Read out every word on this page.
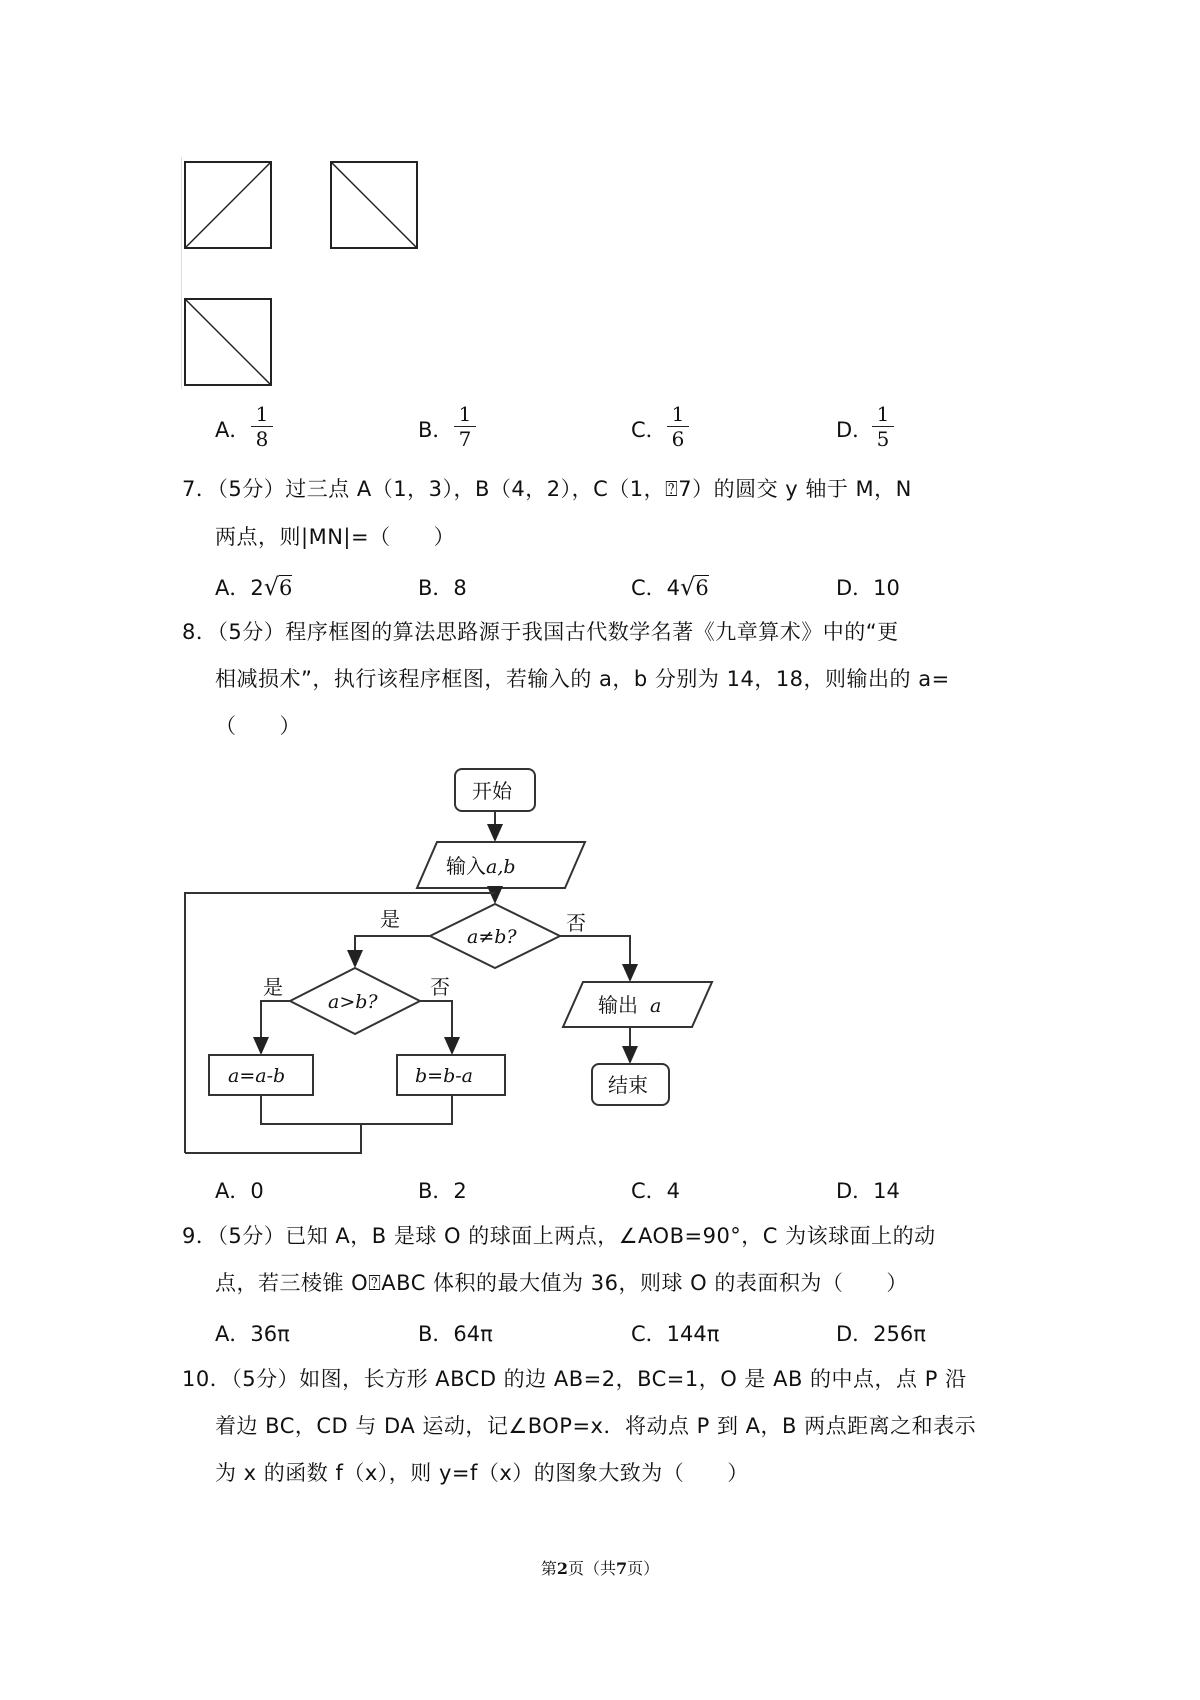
A． $\frac{1}{8}$	B． $\frac{1}{7}$	C． $\frac{1}{6}$	D．
$\frac{1}{5}$
7．（5分）过三点 A（1，3），B（4，2），C（1，⍰7）的圆交 y 轴于 M，N
两点，则|MN|=（　　）
A．2√6	B．8	C．4√6	D．10
8．（5分）程序框图的算法思路源于我国古代数学名著《九章算术》中的“更
相减损术”，执行该程序框图，若输入的 a，b 分别为 14，18，则输出的 a=
（　　）
开始
输入a,b
a≠b?
是	否
a>b?
是	否
a=a-b	b=b-a
输出 a
结束
A．0	B．2	C．4	D．14
9．（5分）已知 A，B 是球 O 的球面上两点，∠AOB=90°，C 为该球面上的动
点，若三棱锥 O⍰ABC 体积的最大值为 36，则球 O 的表面积为（　　）
A．36π	B．64π	C．144π	D．256π
10．（5分）如图，长方形 ABCD 的边 AB=2，BC=1，O 是 AB 的中点，点 P 沿
着边 BC，CD 与 DA 运动，记∠BOP=x．将动点 P 到 A，B 两点距离之和表示
为 x 的函数 f（x），则 y=f（x）的图象大致为（　　）
第2页（共7页）
